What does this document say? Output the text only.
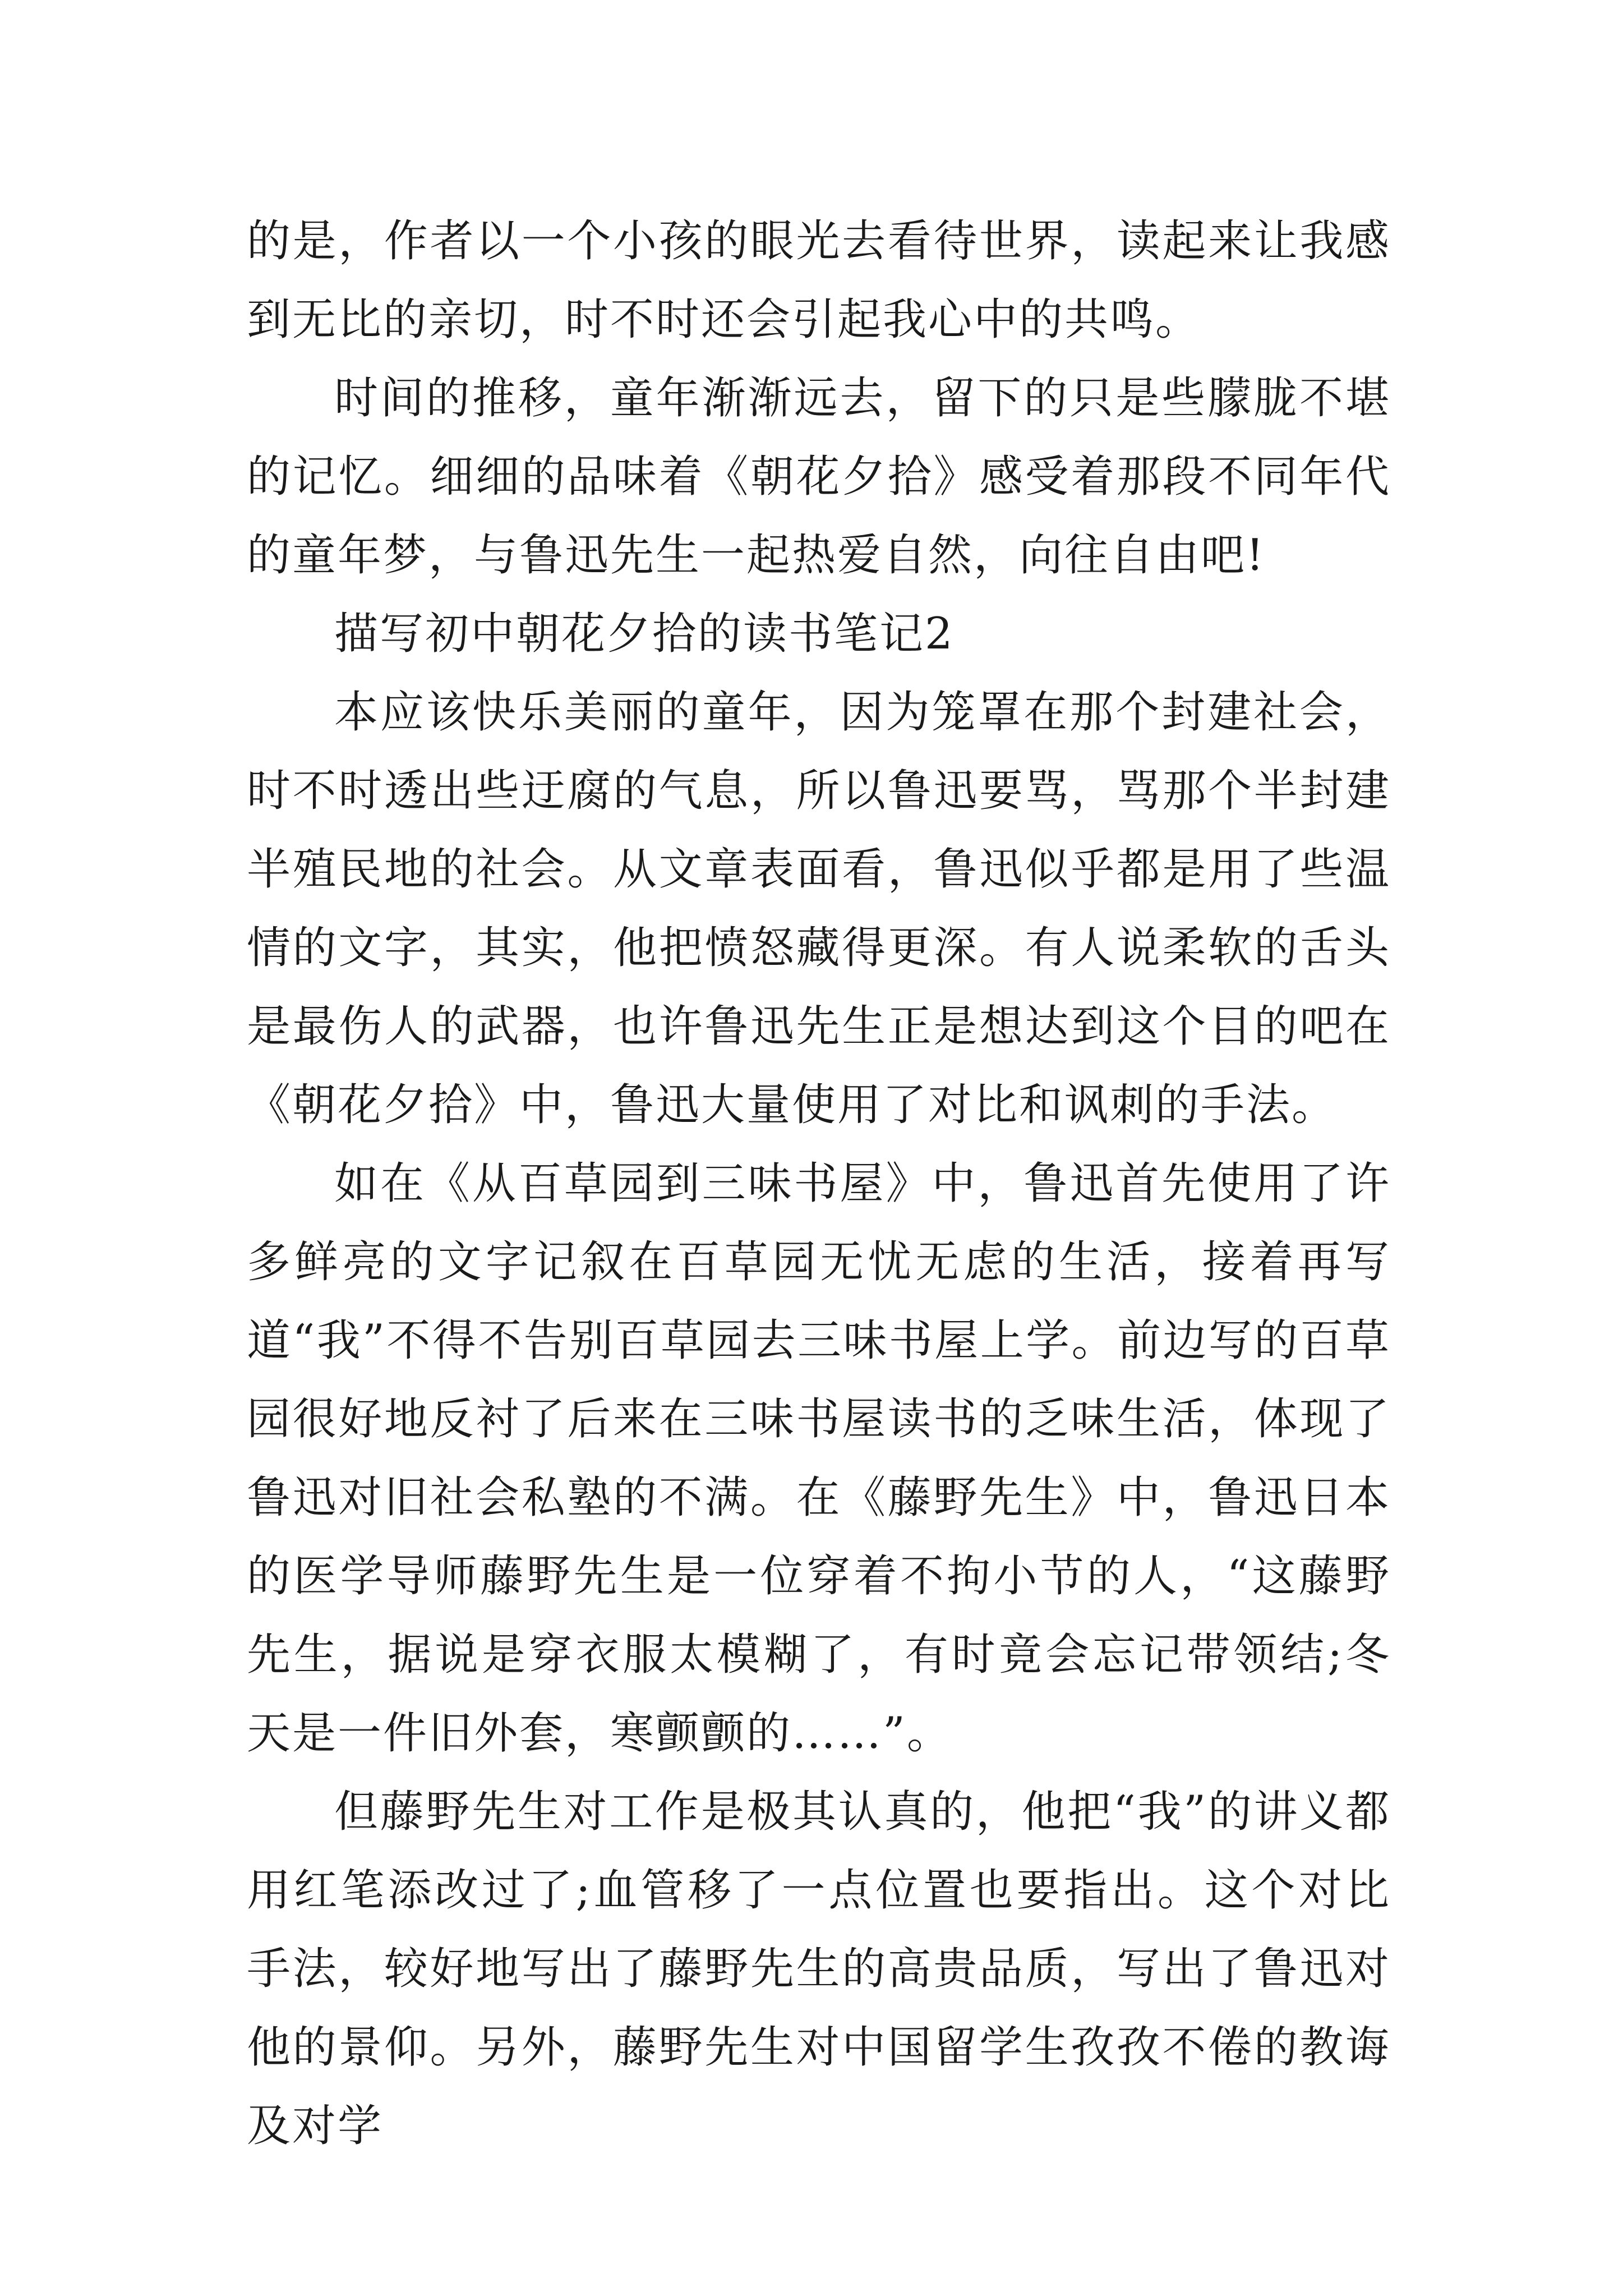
的是，作者以一个小孩的眼光去看待世界，读起来让我感到无比的亲切，时不时还会引起我心中的共鸣。

时间的推移，童年渐渐远去，留下的只是些朦胧不堪的记忆。细细的品味着《朝花夕拾》感受着那段不同年代的童年梦，与鲁迅先生一起热爱自然，向往自由吧!

描写初中朝花夕拾的读书笔记2

本应该快乐美丽的童年，因为笼罩在那个封建社会，时不时透出些迂腐的气息，所以鲁迅要骂，骂那个半封建半殖民地的社会。从文章表面看，鲁迅似乎都是用了些温情的文字，其实，他把愤怒藏得更深。有人说柔软的舌头是最伤人的武器，也许鲁迅先生正是想达到这个目的吧在《朝花夕拾》中，鲁迅大量使用了对比和讽刺的手法。

如在《从百草园到三味书屋》中，鲁迅首先使用了许多鲜亮的文字记叙在百草园无忧无虑的生活，接着再写道“我”不得不告别百草园去三味书屋上学。前边写的百草园很好地反衬了后来在三味书屋读书的乏味生活，体现了鲁迅对旧社会私塾的不满。在《藤野先生》中，鲁迅日本的医学导师藤野先生是一位穿着不拘小节的人，“这藤野先生，据说是穿衣服太模糊了，有时竟会忘记带领结;冬天是一件旧外套，寒颤颤的……”。

但藤野先生对工作是极其认真的，他把“我”的讲义都用红笔添改过了;血管移了一点位置也要指出。这个对比手法，较好地写出了藤野先生的高贵品质，写出了鲁迅对他的景仰。另外，藤野先生对中国留学生孜孜不倦的教诲及对学
